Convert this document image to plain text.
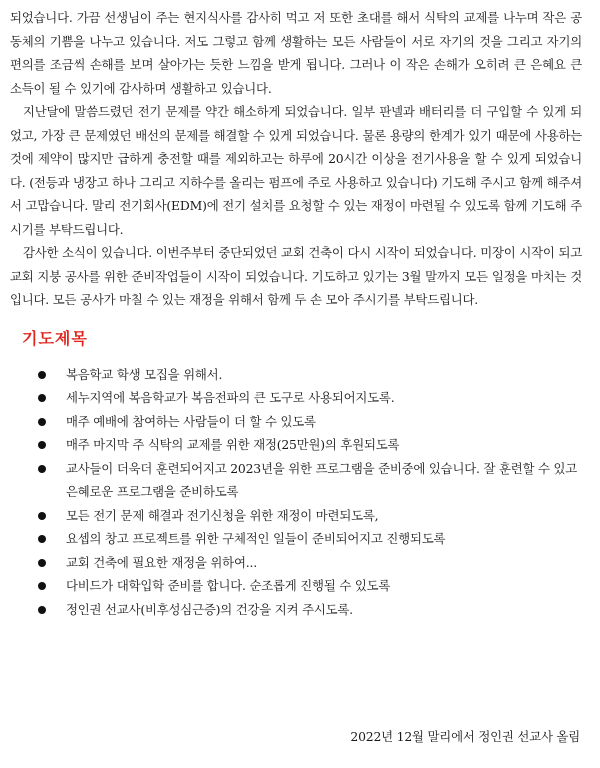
되었습니다. 가끔 선생님이 주는 현지식사를 감사히 먹고 저 또한 초대를 해서 식탁의 교제를 나누며 작은 공동체의 기쁨을 나누고 있습니다. 저도 그렇고 함께 생활하는 모든 사람들이 서로 자기의 것을 그리고 자기의 편의를 조금씩 손해를 보며 살아가는 듯한 느낌을 받게 됩니다. 그러나 이 작은 손해가 오히려 큰 은혜요 큰 소득이 될 수 있기에 감사하며 생활하고 있습니다.

지난달에 말씀드렸던 전기 문제를 약간 해소하게 되었습니다. 일부 판넬과 배터리를 더 구입할 수 있게 되었고, 가장 큰 문제였던 배선의 문제를 해결할 수 있게 되었습니다. 물론 용량의 한계가 있기 때문에 사용하는 것에 제약이 많지만 급하게 충전할 때를 제외하고는 하루에 20시간 이상을 전기사용을 할 수 있게 되었습니다. (전등과 냉장고 하나 그리고 지하수를 올리는 펌프에 주로 사용하고 있습니다) 기도해 주시고 함께 해주셔서 고맙습니다. 말리 전기회사(EDM)에 전기 설치를 요청할 수 있는 재정이 마련될 수 있도록 함께 기도해 주시기를 부탁드립니다.

감사한 소식이 있습니다. 이번주부터 중단되었던 교회 건축이 다시 시작이 되었습니다. 미장이 시작이 되고 교회 지붕 공사를 위한 준비작업들이 시작이 되었습니다. 기도하고 있기는 3월 말까지 모든 일정을 마치는 것입니다. 모든 공사가 마칠 수 있는 재정을 위해서 함께 두 손 모아 주시기를 부탁드립니다.

기도제목
복음학교 학생 모집을 위해서.
세누지역에 복음학교가 복음전파의 큰 도구로 사용되어지도록.
매주 예배에 참여하는 사람들이 더 할 수 있도록
매주 마지막 주 식탁의 교제를 위한 재정(25만원)의 후원되도록
교사들이 더욱더 훈련되어지고 2023년을 위한 프로그램을 준비중에 있습니다. 잘 훈련할 수 있고 은혜로운 프로그램을 준비하도록
모든 전기 문제 해결과 전기신청을 위한 재정이 마련되도록,
요셉의 창고 프로젝트를 위한 구체적인 일들이 준비되어지고 진행되도록
교회 건축에 필요한 재정을 위하여...
다비드가 대학입학 준비를 합니다. 순조롭게 진행될 수 있도록
정인권 선교사(비후성심근증)의 건강을 지켜 주시도록.
2022년 12월 말리에서 정인권 선교사 올림
